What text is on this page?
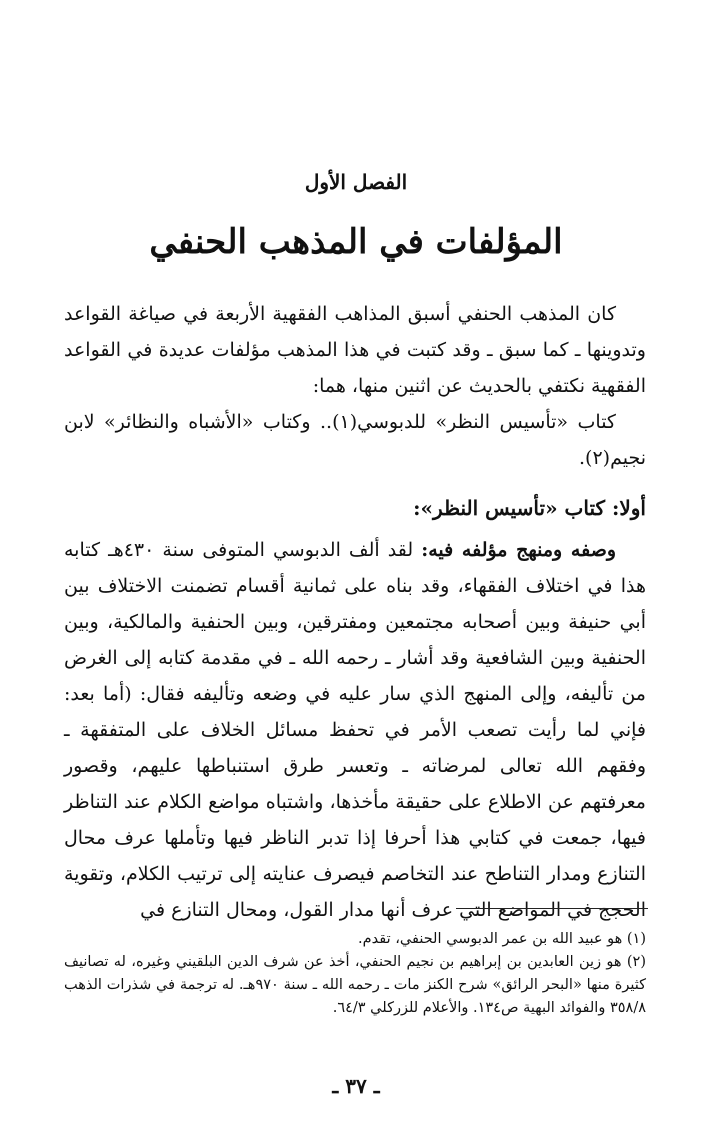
الفصل الأول
المؤلفات في المذهب الحنفي

كان المذهب الحنفي أسبق المذاهب الفقهية الأربعة في صياغة القواعد وتدوينها ـ كما سبق ـ وقد كتبت في هذا المذهب مؤلفات عديدة في القواعد الفقهية نكتفي بالحديث عن اثنين منها، هما:

كتاب «تأسيس النظر» للدبوسي(١).. وكتاب «الأشباه والنظائر» لابن نجيم(٢).

أولا: كتاب «تأسيس النظر»:

وصفه ومنهج مؤلفه فيه: لقد ألف الدبوسي المتوفى سنة ٤٣٠هـ كتابه هذا في اختلاف الفقهاء، وقد بناه على ثمانية أقسام تضمنت الاختلاف بين أبي حنيفة وبين أصحابه مجتمعين ومفترقين، وبين الحنفية والمالكية، وبين الحنفية وبين الشافعية وقد أشار ـ رحمه الله ـ في مقدمة كتابه إلى الغرض من تأليفه، وإلى المنهج الذي سار عليه في وضعه وتأليفه فقال: (أما بعد: فإني لما رأيت تصعب الأمر في تحفظ مسائل الخلاف على المتفقهة ـ وفقهم الله تعالى لمرضاته ـ وتعسر طرق استنباطها عليهم، وقصور معرفتهم عن الاطلاع على حقيقة مأخذها، واشتباه مواضع الكلام عند التناظر فيها، جمعت في كتابي هذا أحرفا إذا تدبر الناظر فيها وتأملها عرف محال التنازع ومدار التناطح عند التخاصم فيصرف عنايته إلى ترتيب الكلام، وتقوية الحجج في المواضع التي عرف أنها مدار القول، ومحال التنازع في

(١) هو عبيد الله بن عمر الدبوسي الحنفي، تقدم.

(٢) هو زين العابدين بن إبراهيم بن نجيم الحنفي، أخذ عن شرف الدين البلقيني وغيره، له تصانيف كثيرة منها «البحر الرائق» شرح الكنز مات ـ رحمه الله ـ سنة ٩٧٠هـ. له ترجمة في شذرات الذهب ٣٥٨/٨ والفوائد البهية ص١٣٤. والأعلام للزركلي ٦٤/٣.

ـ ٣٧ ـ
